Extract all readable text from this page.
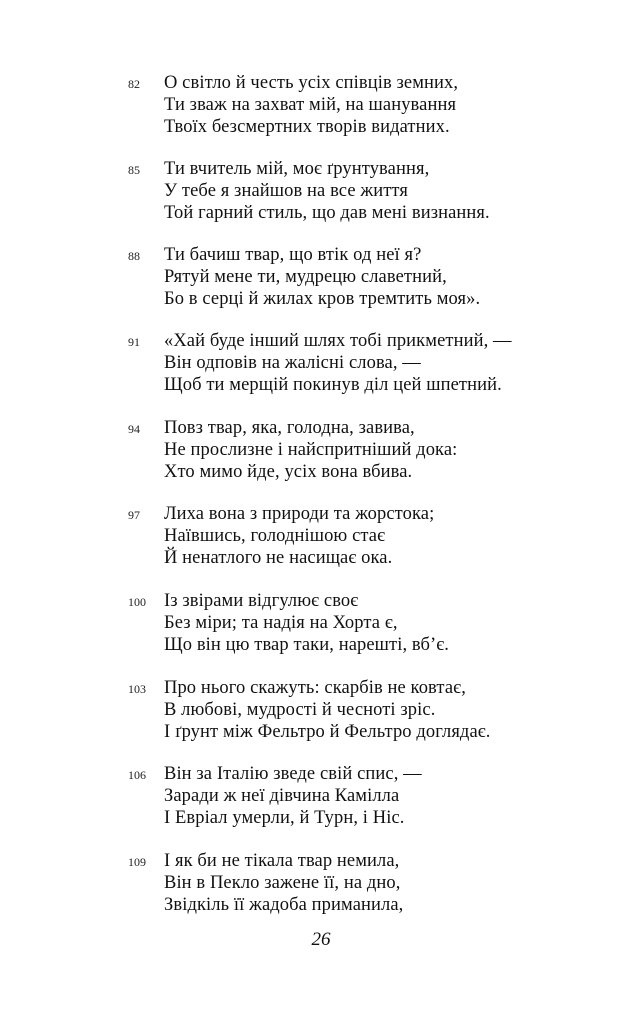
82 О світло й честь усіх співців земних,
Ти зваж на захват мій, на шанування
Твоїх безсмертних творів видатних.
85 Ти вчитель мій, моє ґрунтування,
У тебе я знайшов на все життя
Той гарний стиль, що дав мені визнання.
88 Ти бачиш твар, що втік од неї я?
Рятуй мене ти, мудрецю славетний,
Бо в серці й жилах кров тремтить моя».
91 «Хай буде інший шлях тобі прикметний, —
Він одповів на жалісні слова, —
Щоб ти мерщій покинув діл цей шпетний.
94 Повз твар, яка, голодна, завива,
Не прослизне і найспритніший дока:
Хто мимо йде, усіх вона вбива.
97 Лиха вона з природи та жорстока;
Наївшись, голоднішою стає
Й ненатлого не насищає ока.
100 Із звірами відгулює своє
Без міри; та надія на Хорта є,
Що він цю твар таки, нарешті, вб’є.
103 Про нього скажуть: скарбів не ковтає,
В любові, мудрості й чесноті зріс.
І ґрунт між Фельтро й Фельтро доглядає.
106 Він за Італію зведе свій спис, —
Заради ж неї дівчина Камілла
І Евріал умерли, й Турн, і Ніс.
109 І як би не тікала твар немила,
Він в Пекло зажене її, на дно,
Звідкіль її жадоба приманила,
26
